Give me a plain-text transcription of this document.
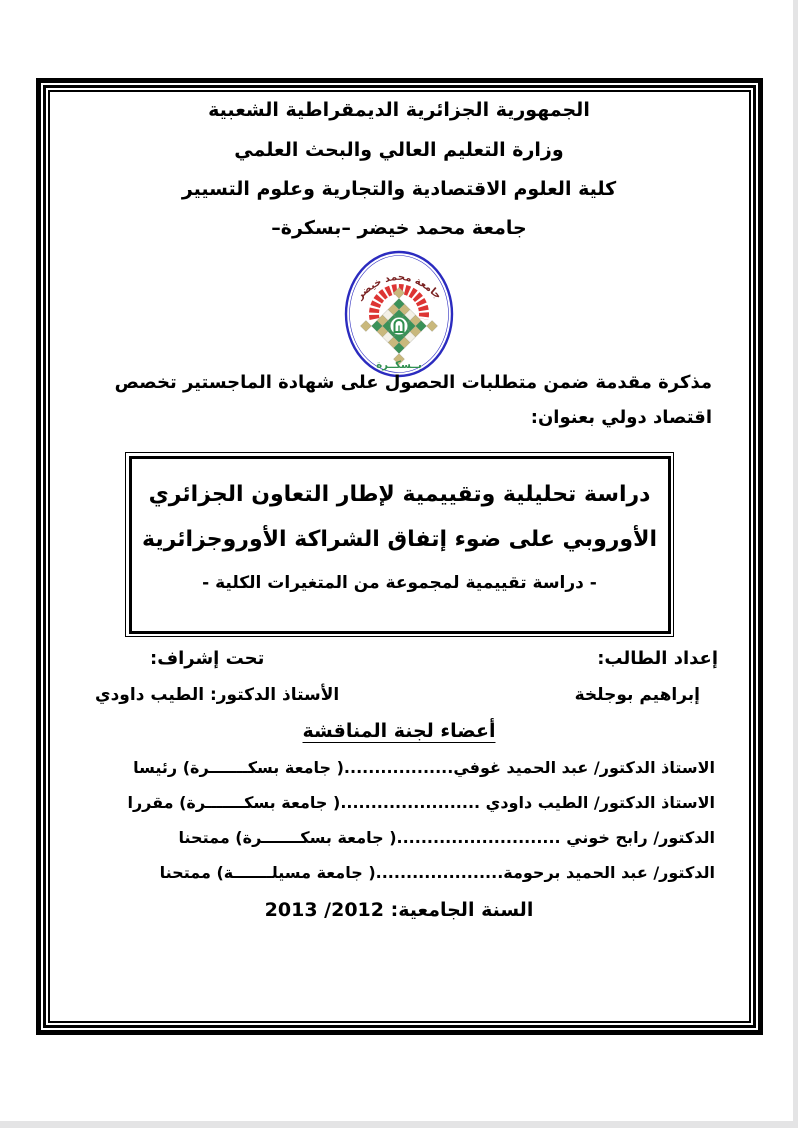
الجمهورية الجزائرية الديمقراطية الشعبية
وزارة التعليم العالي والبحث العلمي
كلية العلوم الاقتصادية والتجارية وعلوم التسيير
جامعة محمد خيضر –بسكرة–
جامعة محمد خيضر
بــسكــرة
مذكرة مقدمة ضمن متطلبات الحصول على شهادة الماجستير تخصص
اقتصاد دولي بعنوان:
دراسة تحليلية وتقييمية لإطار التعاون الجزائري
الأوروبي على ضوء إتفاق الشراكة الأوروجزائرية
- دراسة تقييمية لمجموعة من المتغيرات الكلية -
إعداد الطالب:
إبراهيم بوجلخة
تحت إشراف:
الأستاذ الدكتور: الطيب داودي
أعضاء لجنة المناقشة
الاستاذ الدكتور/ عبد الحميد غوفي..................( جامعة بسكـــــــرة) رئيسا
الاستاذ الدكتور/ الطيب داودي .......................( جامعة بسكـــــــرة) مقررا
الدكتور/ رابح خوني ...........................( جامعة بسكـــــــرة) ممتحنا
الدكتور/ عبد الحميد برحومة.....................( جامعة مسيلـــــــة) ممتحنا
السنة الجامعية: 2012/ 2013
